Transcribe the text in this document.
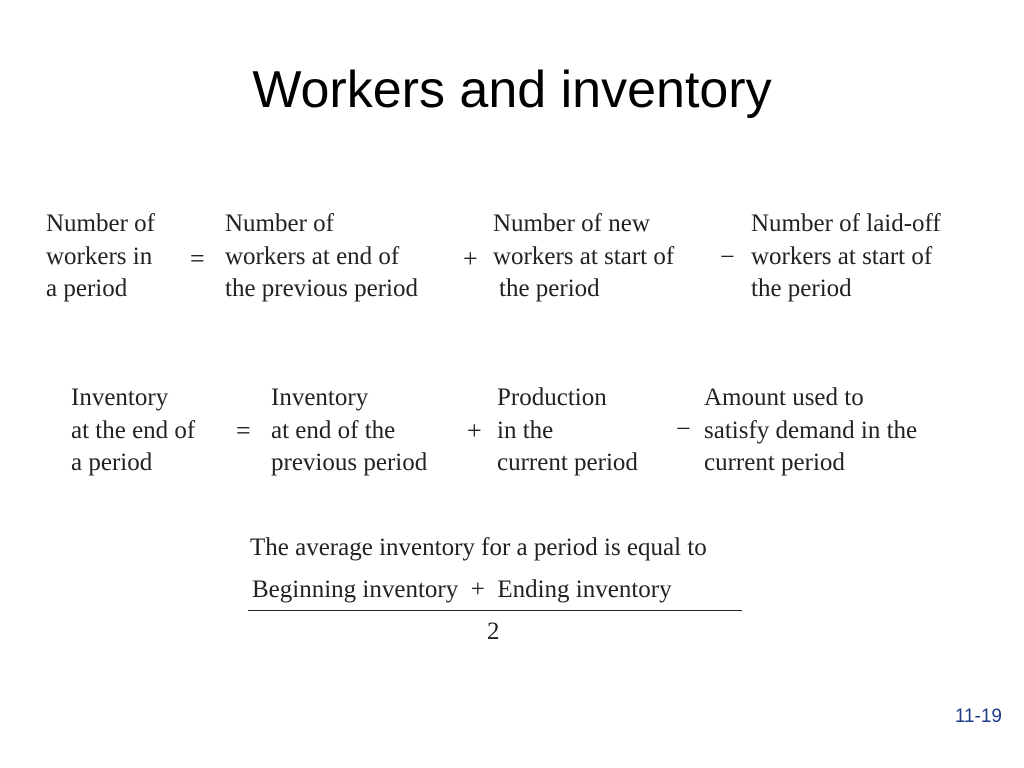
Workers and inventory
Number of
workers in
a period
=
Number of
workers at end of
the previous period
+
Number of new
workers at start of
the period
−
Number of laid-off
workers at start of
the period
Inventory
at the end of
a period
=
Inventory
at end of the
previous period
+
Production
in the
current period
−
Amount used to
satisfy demand in the
current period
The average inventory for a period is equal to
Beginning inventory  +  Ending inventory
2
11-19
